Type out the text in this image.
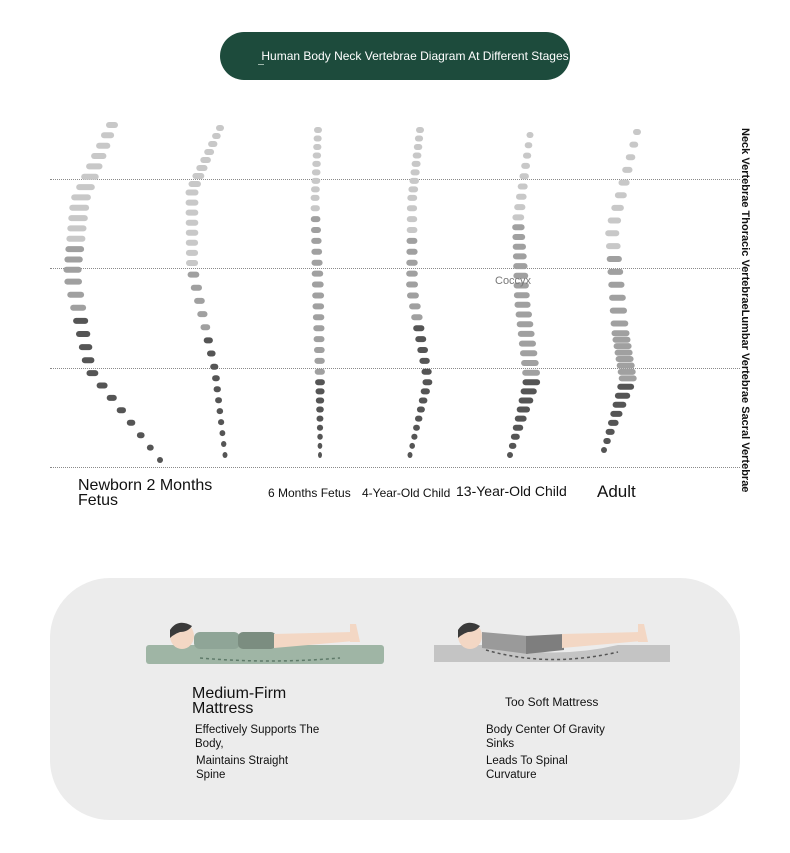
Human Body Neck Vertebrae Diagram At Different Stages
Coccyx
Newborn 2 Months Fetus	6 Months Fetus 4-Year-Old Child 13-Year-Old Child Adult	Neck Vertebrae Thoracic VertebraeLumbar Vertebrae Sacral Vertebrae
Medium-Firm Mattress
Effectively Supports The Body,
Maintains Straight Spine
Too Soft Mattress
Body Center Of Gravity Sinks
Leads To Spinal Curvature
